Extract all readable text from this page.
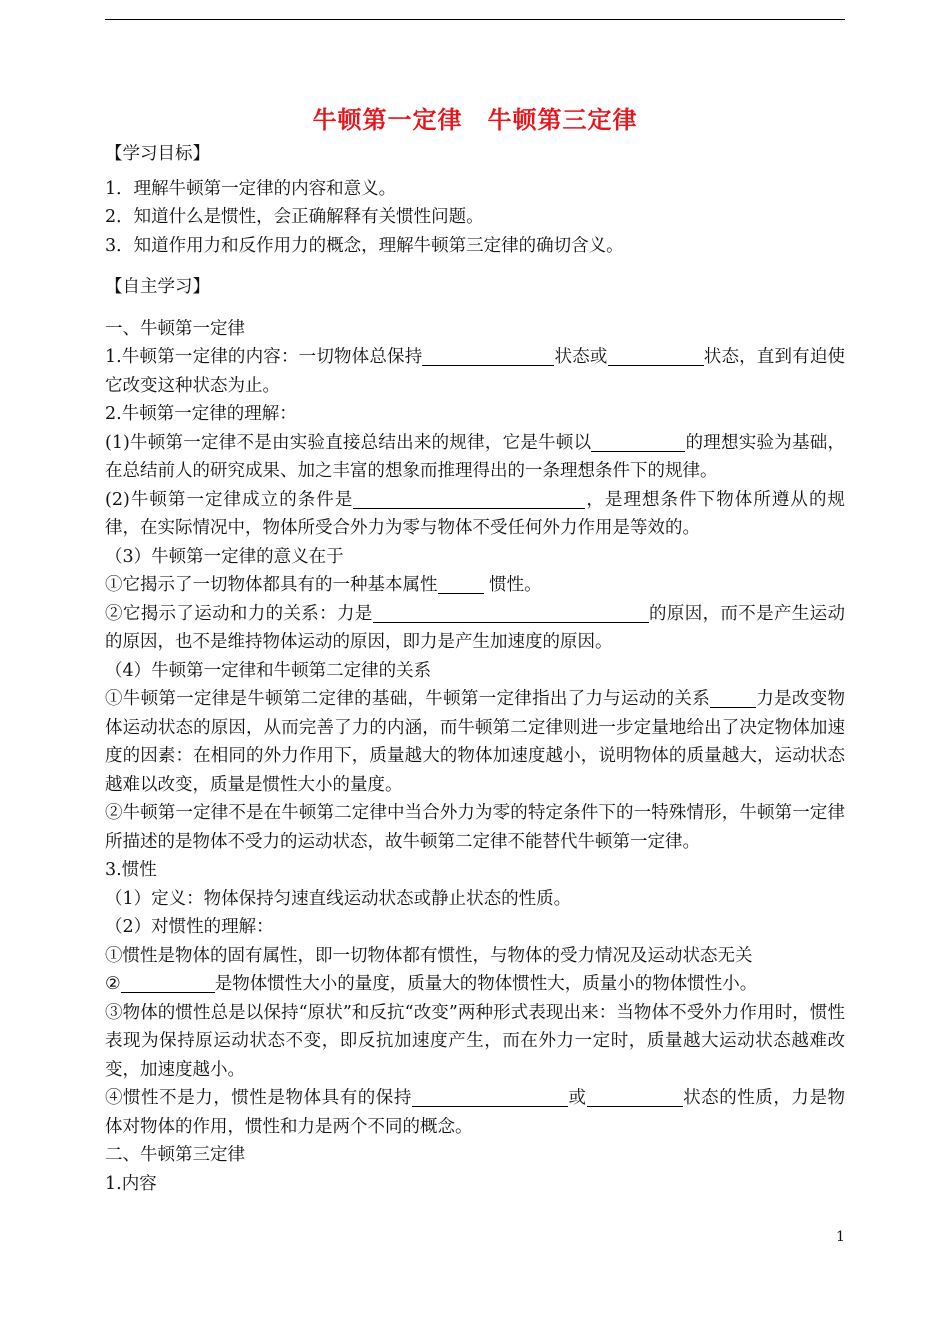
牛顿第一定律　牛顿第三定律
【学习目标】
1．理解牛顿第一定律的内容和意义。
2．知道什么是惯性，会正确解释有关惯性问题。
3．知道作用力和反作用力的概念，理解牛顿第三定律的确切含义。
【自主学习】
一、牛顿第一定律
1.牛顿第一定律的内容：一切物体总保持	状态或	状态，直到有迫使它改变这种状态为止。
2.牛顿第一定律的理解：
(1)牛顿第一定律不是由实验直接总结出来的规律，它是牛顿以	的理想实验为基础，在总结前人的研究成果、加之丰富的想象而推理得出的一条理想条件下的规律。
(2)牛顿第一定律成立的条件是	，是理想条件下物体所遵从的规律，在实际情况中，物体所受合外力为零与物体不受任何外力作用是等效的。
（3）牛顿第一定律的意义在于
①它揭示了一切物体都具有的一种基本属性	惯性。
②它揭示了运动和力的关系：力是	的原因，而不是产生运动的原因，也不是维持物体运动的原因，即力是产生加速度的原因。
（4）牛顿第一定律和牛顿第二定律的关系
①牛顿第一定律是牛顿第二定律的基础，牛顿第一定律指出了力与运动的关系	力是改变物体运动状态的原因，从而完善了力的内涵，而牛顿第二定律则进一步定量地给出了决定物体加速度的因素：在相同的外力作用下，质量越大的物体加速度越小，说明物体的质量越大，运动状态越难以改变，质量是惯性大小的量度。
②牛顿第一定律不是在牛顿第二定律中当合外力为零的特定条件下的一特殊情形，牛顿第一定律所描述的是物体不受力的运动状态，故牛顿第二定律不能替代牛顿第一定律。
3.惯性
（1）定义：物体保持匀速直线运动状态或静止状态的性质。
（2）对惯性的理解：
①惯性是物体的固有属性，即一切物体都有惯性，与物体的受力情况及运动状态无关
②	是物体惯性大小的量度，质量大的物体惯性大，质量小的物体惯性小。
③物体的惯性总是以保持“原状”和反抗“改变”两种形式表现出来：当物体不受外力作用时，惯性表现为保持原运动状态不变，即反抗加速度产生，而在外力一定时，质量越大运动状态越难改变，加速度越小。
④惯性不是力，惯性是物体具有的保持	或	状态的性质，力是物体对物体的作用，惯性和力是两个不同的概念。
二、牛顿第三定律
1.内容
1
